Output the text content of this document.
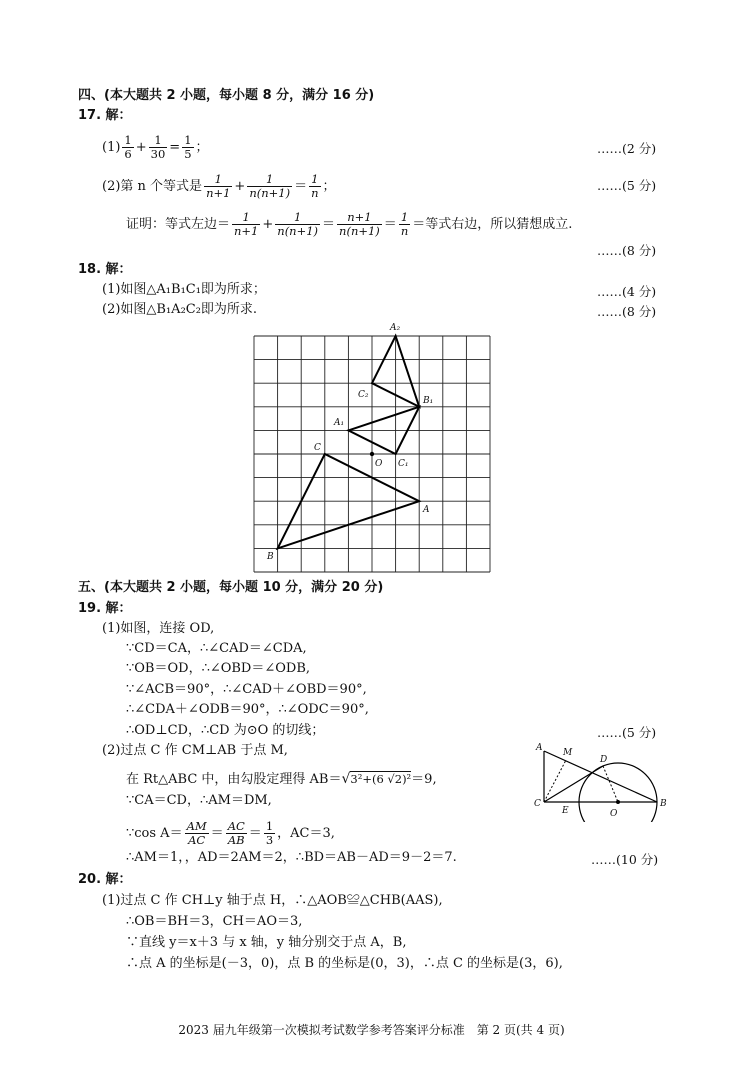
四、(本大题共 2 小题，每小题 8 分，满分 16 分)
17. 解：
$(1) \frac{1}{6} + \frac{1}{30} = \frac{1}{5}$ ；	……(2 分)
(2)第 n 个等式是 $\frac{1}{n+1} + \frac{1}{n(n+1)} = \frac{1}{n}$ ；	……(5 分)
证明：等式左边＝ $\frac{1}{n+1} + \frac{1}{n(n+1)} = \frac{n+1}{n(n+1)} = \frac{1}{n}$ ＝等式右边，所以猜想成立.
……(8 分)
18. 解：
(1)如图△A₁B₁C₁即为所求；	……(4 分)
(2)如图△B₁A₂C₂即为所求.	……(8 分)
A₂
C₂
B₁
A₁
C
O C₁
A
B
五、(本大题共 2 小题，每小题 10 分，满分 20 分)
19. 解：
(1)如图，连接 OD,
∵CD＝CA，∴∠CAD＝∠CDA,
∵OB＝OD，∴∠OBD＝∠ODB,
∵∠ACB＝90°，∴∠CAD＋∠OBD＝90°,
∴∠CDA＋∠ODB＝90°，∴∠ODC＝90°,
∴OD⊥CD，∴CD 为⊙O 的切线；	……(5 分)
(2)过点 C 作 CM⊥AB 于点 M,
在 Rt△ABC 中，由勾股定理得 AB＝√3²+(6 √2)²＝9,
∵CA＝CD，∴AM＝DM,
∵cos $A= \frac{AM}{AC} = \frac{AC}{AB} = \frac{1}{3}$ ，AC＝3,
∴AM＝1，，AD＝2AM＝2，∴BD＝AB－AD＝9－2＝7.	……(10 分)
A M
D
C
E	O
B
20. 解：
(1)过点 C 作 CH⊥y 轴于点 H，∴△AOB≌△CHB(AAS),
∴OB＝BH＝3，CH＝AO＝3,
∵直线 y＝x＋3 与 x 轴，y 轴分别交于点 A，B,
∴点 A 的坐标是(－3，0)，点 B 的坐标是(0，3)，∴点 C 的坐标是(3，6),
2023 届九年级第一次模拟考试数学参考答案评分标准　第 2 页(共 4 页)
